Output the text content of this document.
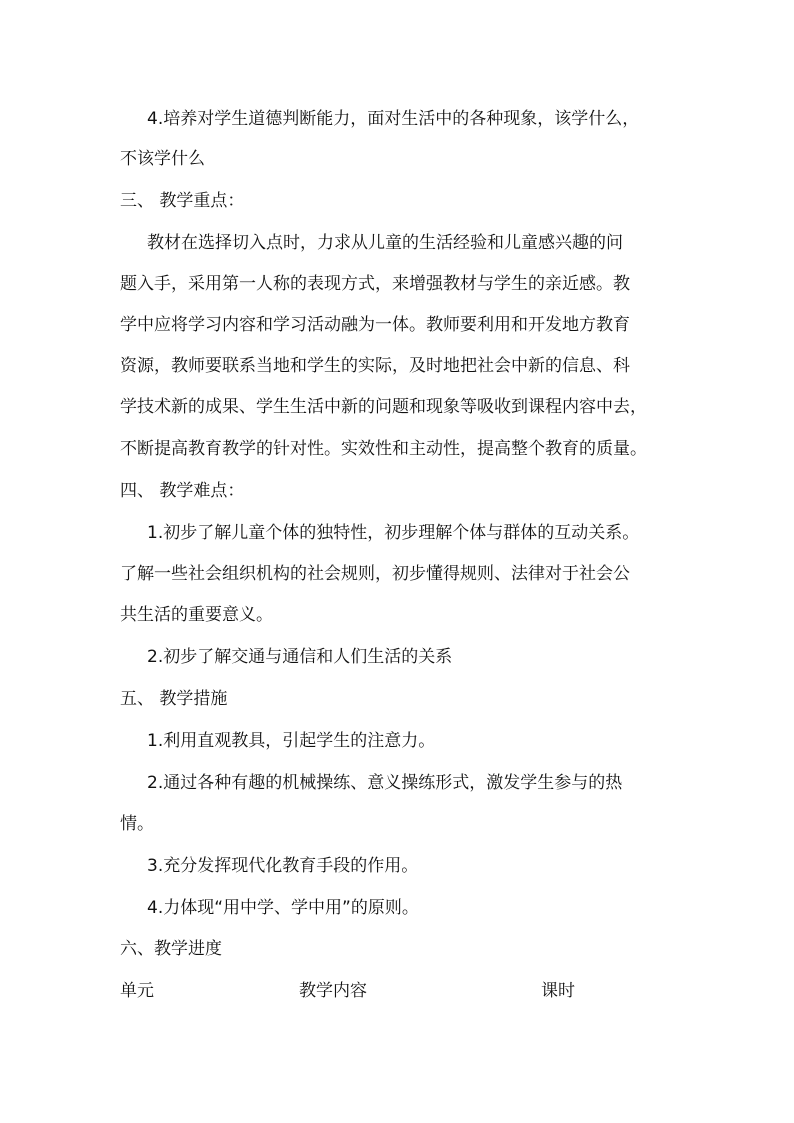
4.培养对学生道德判断能力，面对生活中的各种现象，该学什么，
不该学什么
三、 教学重点：
教材在选择切入点时，力求从儿童的生活经验和儿童感兴趣的问
题入手，采用第一人称的表现方式，来增强教材与学生的亲近感。教
学中应将学习内容和学习活动融为一体。教师要利用和开发地方教育
资源，教师要联系当地和学生的实际，及时地把社会中新的信息、科
学技术新的成果、学生生活中新的问题和现象等吸收到课程内容中去，
不断提高教育教学的针对性。实效性和主动性，提高整个教育的质量。
四、 教学难点：
1.初步了解儿童个体的独特性，初步理解个体与群体的互动关系。
了解一些社会组织机构的社会规则，初步懂得规则、法律对于社会公
共生活的重要意义。
2.初步了解交通与通信和人们生活的关系
五、 教学措施
1.利用直观教具，引起学生的注意力。
2.通过各种有趣的机械操练、意义操练形式，激发学生参与的热
情。
3.充分发挥现代化教育手段的作用。
4.力体现“用中学、学中用”的原则。
六、教学进度
单元	教学内容	课时
